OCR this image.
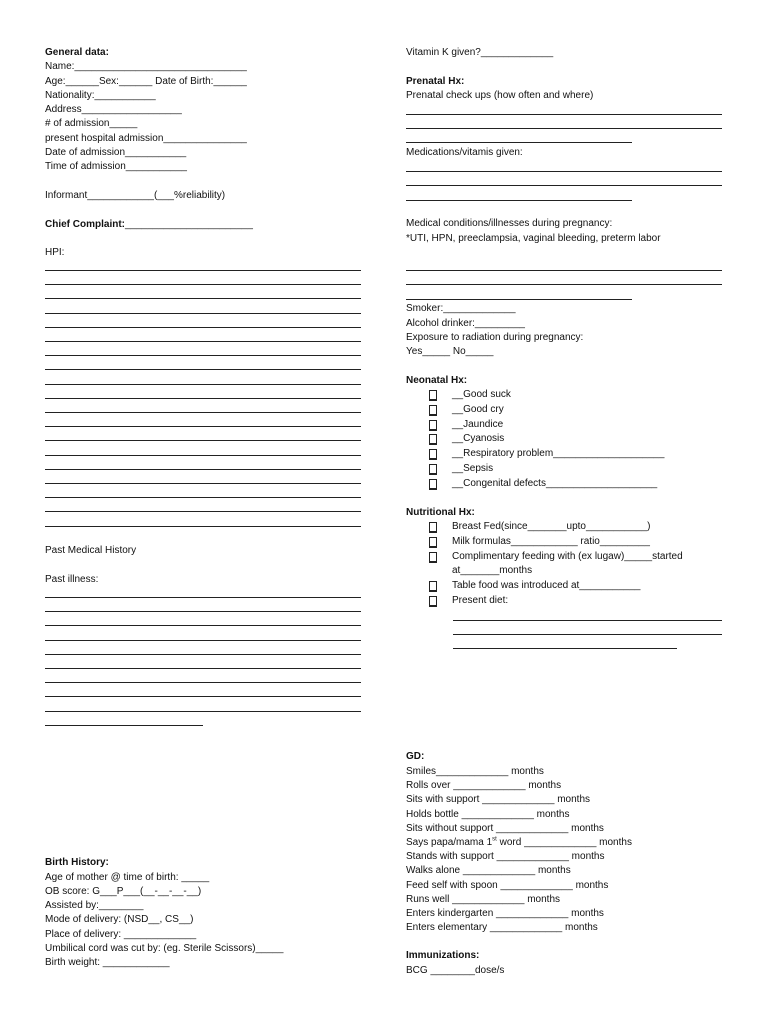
General data:
Name:_______________________________
Age:______Sex:______ Date of Birth:______
Nationality:___________
Address__________________
# of admission_____
present hospital admission_______________
Date of admission___________
Time of admission___________
Informant____________(___%reliability)
Chief Complaint:_______________________
HPI:
Past Medical History
Past illness:
Birth History:
Age of mother @ time of birth: _____
OB score: G___P___(__-__-__-__)
Assisted by:________
Mode of delivery: (NSD__, CS__)
Place of delivery: _____________
Umbilical cord was cut by: (eg. Sterile Scissors)_____
Birth weight: ____________
Vitamin K given?_____________
Prenatal Hx:
Prenatal check ups (how often and where)
Medications/vitamis given:
Medical conditions/illnesses during pregnancy:
*UTI, HPN, preeclampsia, vaginal bleeding, preterm labor
Smoker:_____________
Alcohol drinker:_________
Exposure to radiation during pregnancy:
Yes_____ No_____
Neonatal Hx:
__Good suck
__Good cry
__Jaundice
__Cyanosis
__Respiratory problem____________________
__Sepsis
__Congenital defects____________________
Nutritional Hx:
Breast Fed(since_______upto___________)
Milk formulas____________ ratio_________
Complimentary feeding with (ex lugaw)_____started
at_______months
Table food was introduced at___________
Present diet:
GD:
Smiles_____________ months
Rolls over _____________ months
Sits with support _____________ months
Holds bottle _____________ months
Sits without support _____________ months
Says papa/mama 1st word _____________ months
Stands with support _____________ months
Walks alone _____________ months
Feed self with spoon _____________ months
Runs well _____________ months
Enters kindergarten _____________ months
Enters elementary _____________ months
Immunizations:
BCG ________dose/s
